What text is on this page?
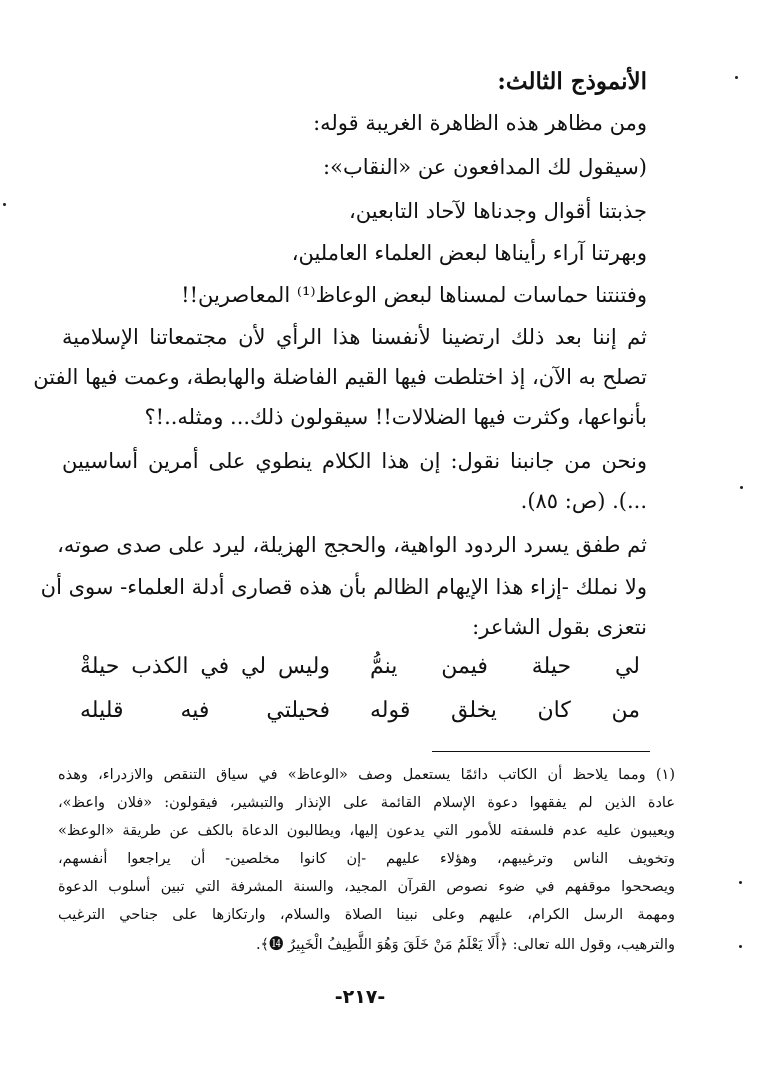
الأنموذج الثالث:
ومن مظاهر هذه الظاهرة الغريبة قوله:
(سيقول لك المدافعون عن «النقاب»:
جذبتنا أقوال وجدناها لآحاد التابعين،
وبهرتنا آراء رأيناها لبعض العلماء العاملين،
وفتنتنا حماسات لمسناها لبعض الوعاظ⁽¹⁾ المعاصرين!!
ثم إننا بعد ذلك ارتضينا لأنفسنا هذا الرأي لأن مجتمعاتنا الإسلامية
تصلح به الآن، إذ اختلطت فيها القيم الفاضلة والهابطة، وعمت فيها الفتن
بأنواعها، وكثرت فيها الضلالات!! سيقولون ذلك... ومثله..!؟
ونحن من جانبنا نقول: إن هذا الكلام ينطوي على أمرين أساسيين
...). (ص: ٨٥).
ثم طفق يسرد الردود الواهية، والحجج الهزيلة، ليرد على صدى صوته،
ولا نملك -إزاء هذا الإيهام الظالم بأن هذه قصارى أدلة العلماء- سوى أن
نتعزى بقول الشاعر:
لي حيلة فيمن ينمُّ
وليس لي في الكذب حيلةْ
من كان يخلق قوله
فحيلتي فيه قليله
(١) ومما يلاحظ أن الكاتب دائمًا يستعمل وصف «الوعاظ» في سياق التنقص والازدراء، وهذه
عادة الذين لم يفقهوا دعوة الإسلام القائمة على الإنذار والتبشير، فيقولون: «فلان واعظ»،
ويعيبون عليه عدم فلسفته للأمور التي يدعون إليها، ويطالبون الدعاة بالكف عن طريقة «الوعظ»
وتخويف الناس وترغيبهم، وهؤلاء عليهم -إن كانوا مخلصين- أن يراجعوا أنفسهم،
ويصححوا موقفهم في ضوء نصوص القرآن المجيد، والسنة المشرفة التي تبين أسلوب الدعوة
ومهمة الرسل الكرام، عليهم وعلى نبينا الصلاة والسلام، وارتكازها على جناحي الترغيب
والترهيب، وقول الله تعالى: ﴿أَلَا يَعْلَمُ مَنْ خَلَقَ وَهُوَ اللَّطِيفُ الْخَبِيرُ ⓮﴾.
-٢١٧-
